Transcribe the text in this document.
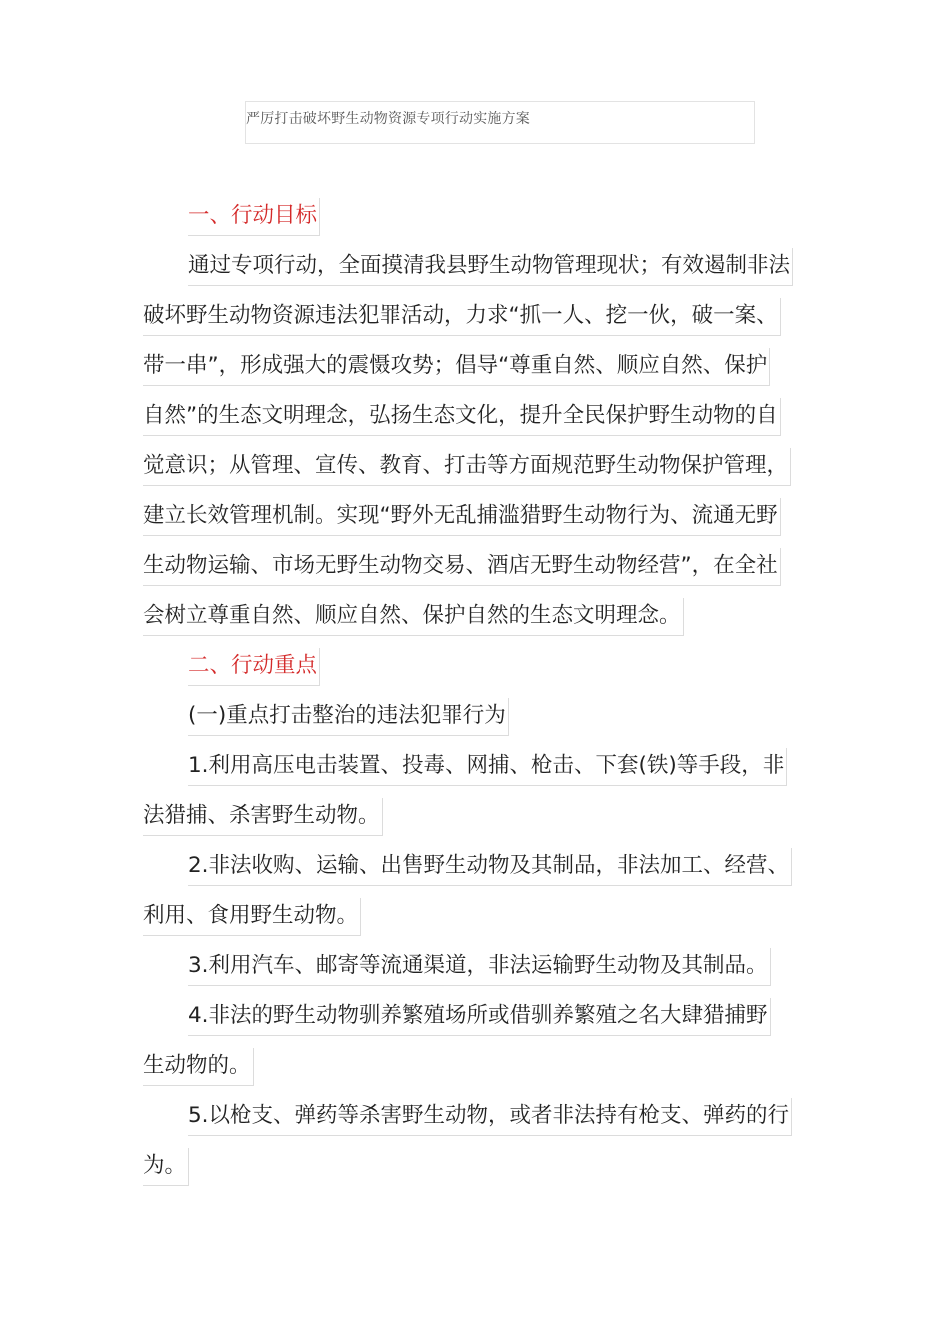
严厉打击破坏野生动物资源专项行动实施方案
一、行动目标
通过专项行动，全面摸清我县野生动物管理现状；有效遏制非法
破坏野生动物资源违法犯罪活动，力求“抓一人、挖一伙，破一案、
带一串”，形成强大的震慑攻势；倡导“尊重自然、顺应自然、保护
自然”的生态文明理念，弘扬生态文化，提升全民保护野生动物的自
觉意识；从管理、宣传、教育、打击等方面规范野生动物保护管理，
建立长效管理机制。实现“野外无乱捕滥猎野生动物行为、流通无野
生动物运输、市场无野生动物交易、酒店无野生动物经营”，在全社
会树立尊重自然、顺应自然、保护自然的生态文明理念。
二、行动重点
(一)重点打击整治的违法犯罪行为
1.利用高压电击装置、投毒、网捕、枪击、下套(铁)等手段，非
法猎捕、杀害野生动物。
2.非法收购、运输、出售野生动物及其制品，非法加工、经营、
利用、食用野生动物。
3.利用汽车、邮寄等流通渠道，非法运输野生动物及其制品。
4.非法的野生动物驯养繁殖场所或借驯养繁殖之名大肆猎捕野
生动物的。
5.以枪支、弹药等杀害野生动物，或者非法持有枪支、弹药的行
为。
